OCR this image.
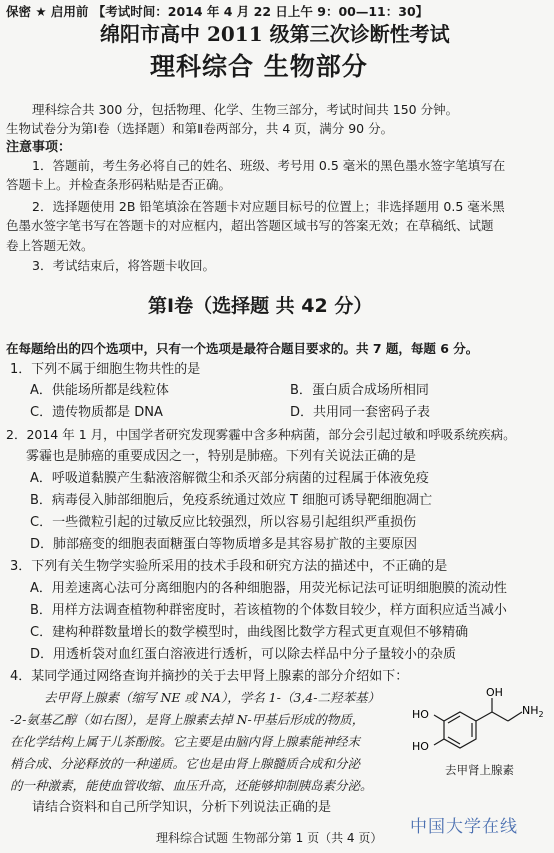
保密 ★ 启用前 【考试时间：2014 年 4 月 22 日上午 9：00—11：30】
绵阳市高中 2011 级第三次诊断性考试
理科综合 生物部分
理科综合共 300 分，包括物理、化学、生物三部分，考试时间共 150 分钟。
生物试卷分为第Ⅰ卷（选择题）和第Ⅱ卷两部分，共 4 页，满分 90 分。
注意事项：
1．答题前，考生务必将自己的姓名、班级、考号用 0.5 毫米的黑色墨水签字笔填写在
答题卡上。并检查条形码粘贴是否正确。
2．选择题使用 2B 铅笔填涂在答题卡对应题目标号的位置上；非选择题用 0.5 毫米黑
色墨水签字笔书写在答题卡的对应框内，超出答题区域书写的答案无效；在草稿纸、试题
卷上答题无效。
3．考试结束后，将答题卡收回。
第Ⅰ卷（选择题 共 42 分）
在每题给出的四个选项中，只有一个选项是最符合题目要求的。共 7 题，每题 6 分。
1．下列不属于细胞生物共性的是
A．供能场所都是线粒体	B．蛋白质合成场所相同
C．遗传物质都是 DNA	D．共用同一套密码子表
2．2014 年 1 月，中国学者研究发现雾霾中含多种病菌，部分会引起过敏和呼吸系统疾病。
雾霾也是肺癌的重要成因之一，特别是肺癌。下列有关说法正确的是
A．呼吸道黏膜产生黏液溶解微尘和杀灭部分病菌的过程属于体液免疫
B．病毒侵入肺部细胞后，免疫系统通过效应 T 细胞可诱导靶细胞凋亡
C．一些微粒引起的过敏反应比较强烈，所以容易引起组织严重损伤
D．肺部癌变的细胞表面糖蛋白等物质增多是其容易扩散的主要原因
3．下列有关生物学实验所采用的技术手段和研究方法的描述中，不正确的是
A．用差速离心法可分离细胞内的各种细胞器，用荧光标记法可证明细胞膜的流动性
B．用样方法调查植物种群密度时，若该植物的个体数目较少，样方面积应适当减小
C．建构种群数量增长的数学模型时，曲线图比数学方程式更直观但不够精确
D．用透析袋对血红蛋白溶液进行透析，可以除去样品中分子量较小的杂质
4．某同学通过网络查询并摘抄的关于去甲肾上腺素的部分介绍如下：
去甲肾上腺素（缩写 NE 或 NA），学名 1-（3,4-二羟苯基）
-2-氨基乙醇（如右图），是肾上腺素去掉 N-甲基后形成的物质，
在化学结构上属于儿茶酚胺。它主要是由脑内肾上腺素能神经末
梢合成、分泌释放的一种递质。它也是由肾上腺髓质合成和分泌
的一种激素，能使血管收缩、血压升高，还能够抑制胰岛素分泌。
请结合资料和自己所学知识，分析下列说法正确的是
HO
HO
OH
$NH_2$
去甲肾上腺素
理科综合试题 生物部分第 1 页（共 4 页）
中国大学在线
